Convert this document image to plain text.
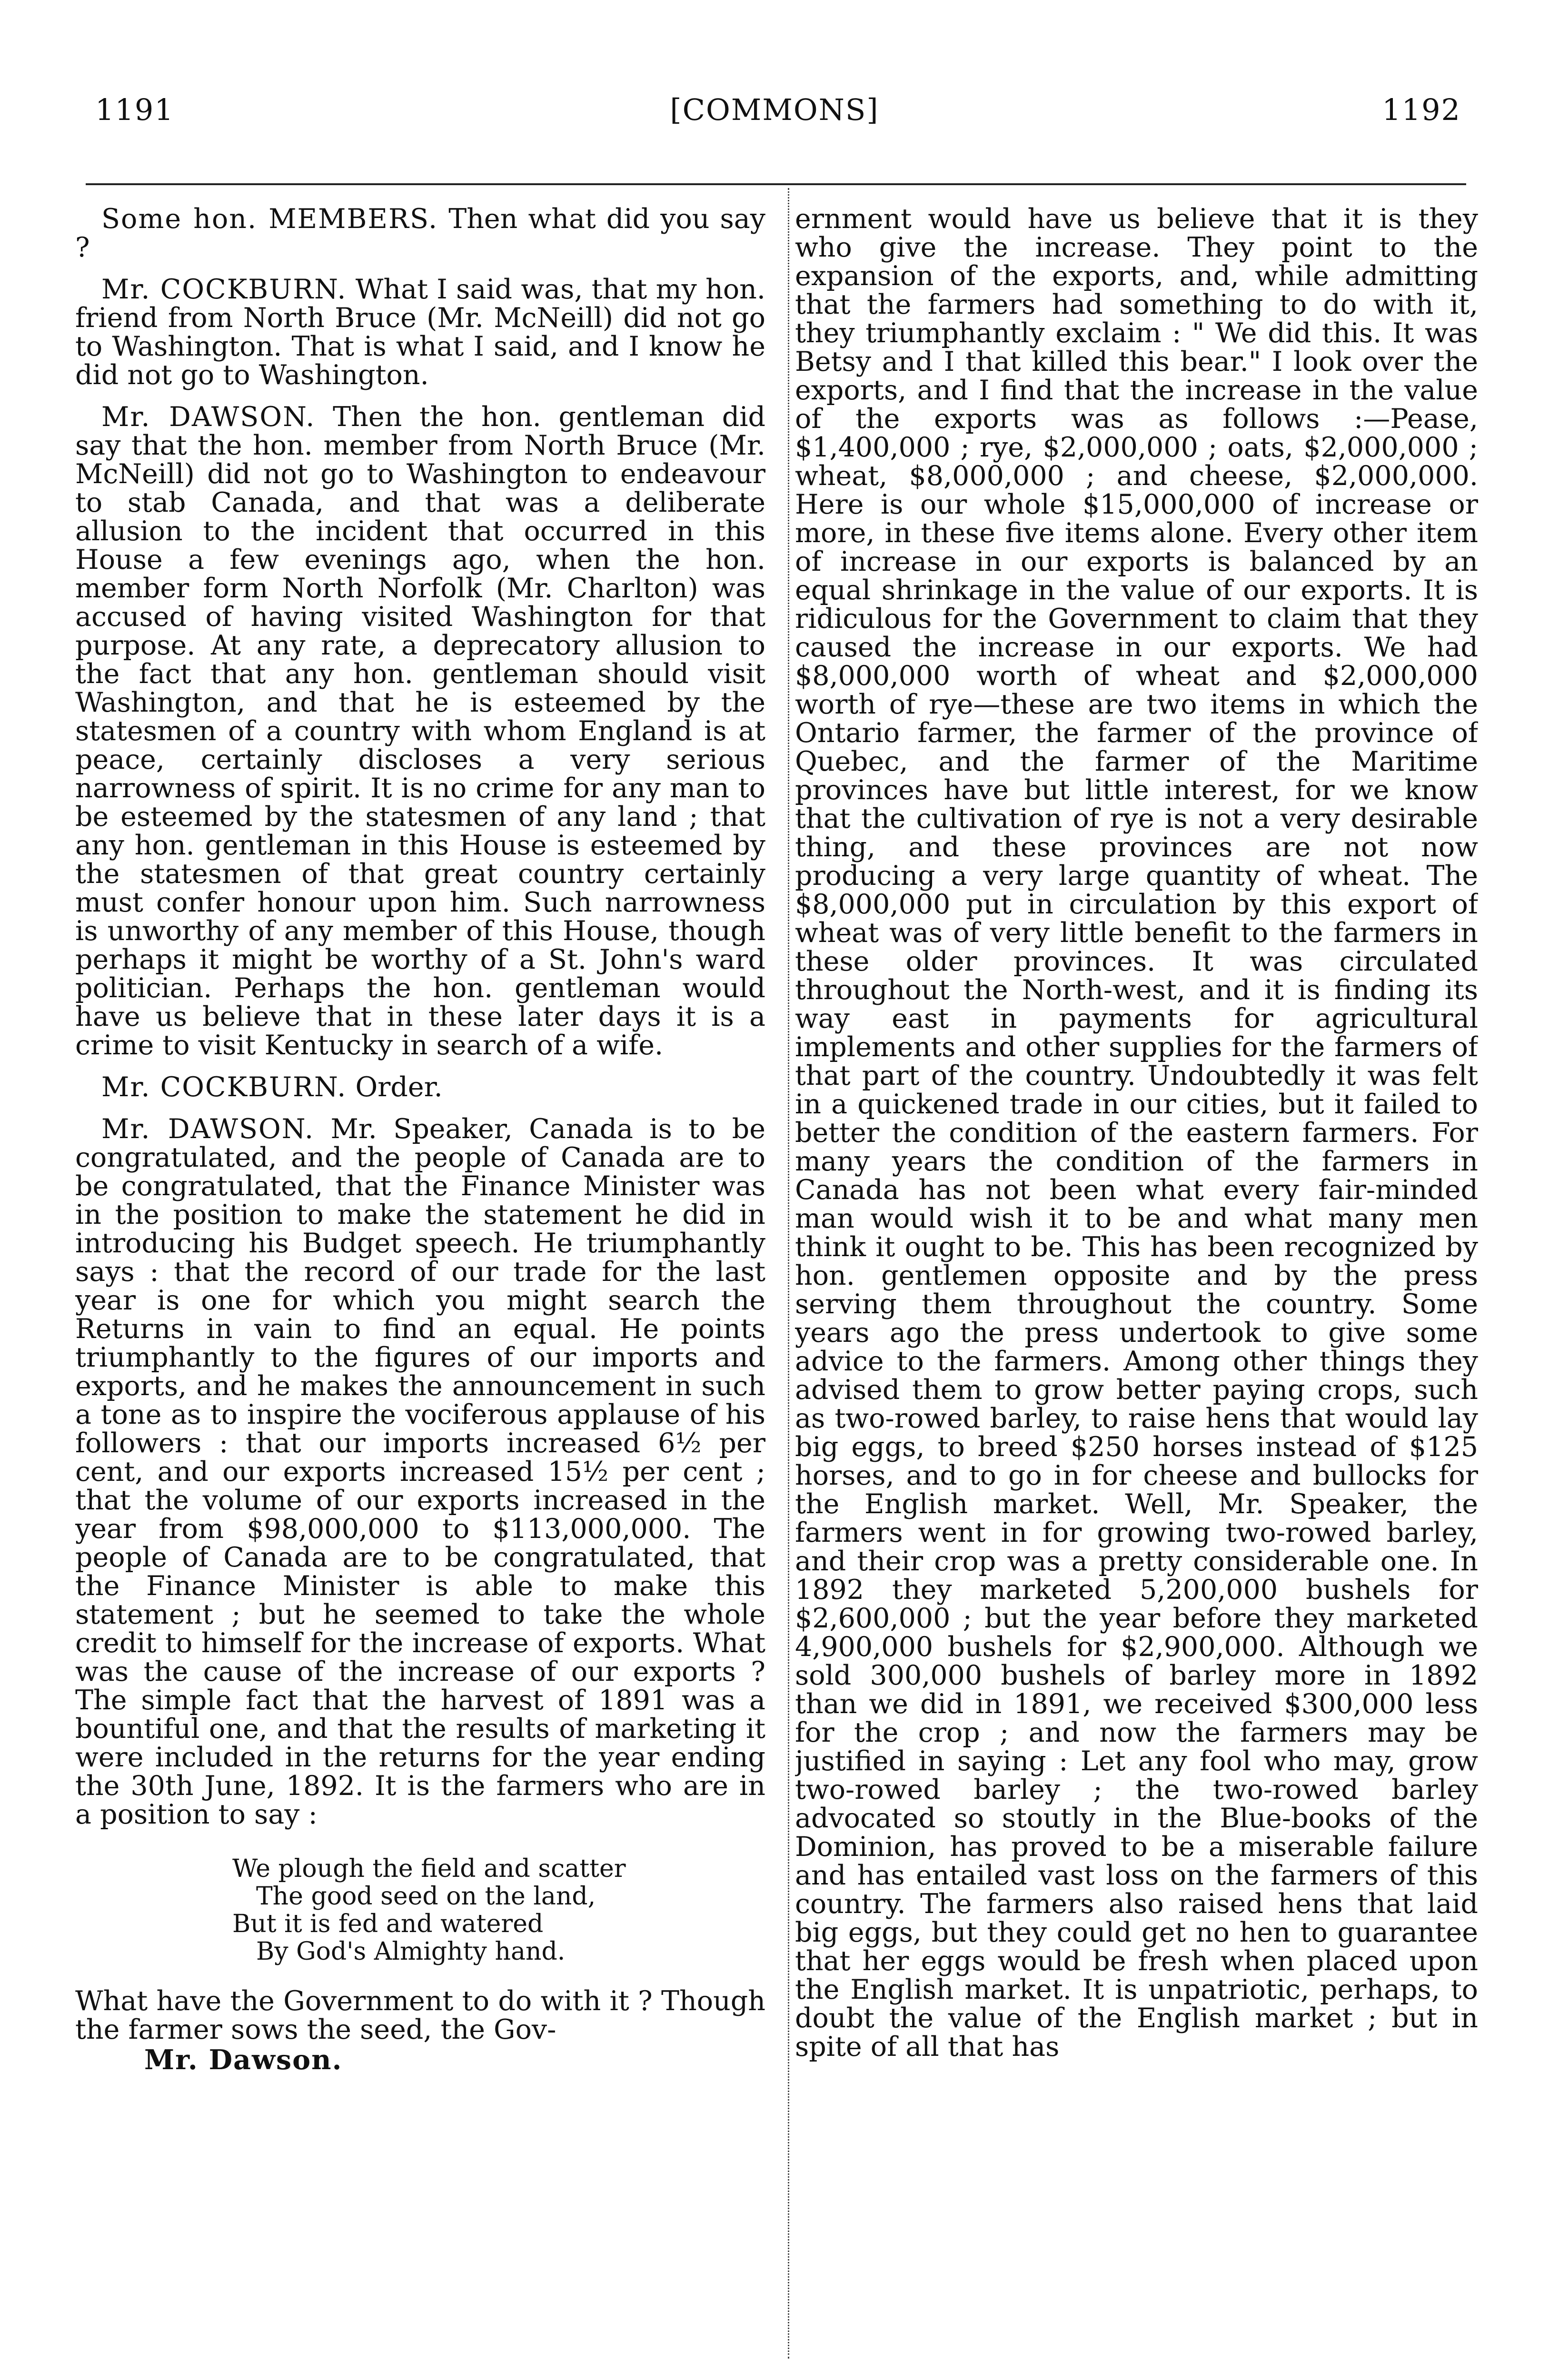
1191	[COMMONS]	1192

Some hon. MEMBERS. Then what did you say ?

Mr. COCKBURN. What I said was, that my hon. friend from North Bruce (Mr. McNeill) did not go to Washington. That is what I said, and I know he did not go to Washington.

Mr. DAWSON. Then the hon. gentleman did say that the hon. member from North Bruce (Mr. McNeill) did not go to Washington to endeavour to stab Canada, and that was a deliberate allusion to the incident that occurred in this House a few evenings ago, when the hon. member form North Norfolk (Mr. Charlton) was accused of having visited Washington for that purpose. At any rate, a deprecatory allusion to the fact that any hon. gentleman should visit Washington, and that he is esteemed by the statesmen of a country with whom England is at peace, certainly discloses a very serious narrowness of spirit. It is no crime for any man to be esteemed by the statesmen of any land ; that any hon. gentleman in this House is esteemed by the statesmen of that great country certainly must confer honour upon him. Such narrowness is unworthy of any member of this House, though perhaps it might be worthy of a St. John's ward politician. Perhaps the hon. gentleman would have us believe that in these later days it is a crime to visit Kentucky in search of a wife.

Mr. COCKBURN. Order.

Mr. DAWSON. Mr. Speaker, Canada is to be congratulated, and the people of Canada are to be congratulated, that the Finance Minister was in the position to make the statement he did in introducing his Budget speech. He triumphantly says : that the record of our trade for the last year is one for which you might search the Returns in vain to find an equal. He points triumphantly to the figures of our imports and exports, and he makes the announcement in such a tone as to inspire the vociferous applause of his followers : that our imports increased 6½ per cent, and our exports increased 15½ per cent ; that the volume of our exports increased in the year from $98,000,000 to $113,000,000. The people of Canada are to be congratulated, that the Finance Minister is able to make this statement ; but he seemed to take the whole credit to himself for the increase of exports. What was the cause of the increase of our exports ? The simple fact that the harvest of 1891 was a bountiful one, and that the results of marketing it were included in the returns for the year ending the 30th June, 1892. It is the farmers who are in a position to say :

We plough the field and scatter
The good seed on the land,
But it is fed and watered
By God's Almighty hand.

What have the Government to do with it ? Though the farmer sows the seed, the Gov-

Mr. Dawson.

ernment would have us believe that it is they who give the increase. They point to the expansion of the exports, and, while admitting that the farmers had something to do with it, they triumphantly exclaim : " We did this. It was Betsy and I that killed this bear." I look over the exports, and I find that the increase in the value of the exports was as follows :—Pease, $1,400,000 ; rye, $2,000,000 ; oats, $2,000,000 ; wheat, $8,000,000 ; and cheese, $2,000,000. Here is our whole $15,000,000 of increase or more, in these five items alone. Every other item of increase in our exports is balanced by an equal shrinkage in the value of our exports. It is ridiculous for the Government to claim that they caused the increase in our exports. We had $8,000,000 worth of wheat and $2,000,000 worth of rye—these are two items in which the Ontario farmer, the farmer of the province of Quebec, and the farmer of the Maritime provinces have but little interest, for we know that the cultivation of rye is not a very desirable thing, and these provinces are not now producing a very large quantity of wheat. The $8,000,000 put in circulation by this export of wheat was of very little benefit to the farmers in these older provinces. It was circulated throughout the North-west, and it is finding its way east in payments for agricultural implements and other supplies for the farmers of that part of the country. Undoubtedly it was felt in a quickened trade in our cities, but it failed to better the condition of the eastern farmers. For many years the condition of the farmers in Canada has not been what every fair-minded man would wish it to be and what many men think it ought to be. This has been recognized by hon. gentlemen opposite and by the press serving them throughout the country. Some years ago the press undertook to give some advice to the farmers. Among other things they advised them to grow better paying crops, such as two-rowed barley, to raise hens that would lay big eggs, to breed $250 horses instead of $125 horses, and to go in for cheese and bullocks for the English market. Well, Mr. Speaker, the farmers went in for growing two-rowed barley, and their crop was a pretty considerable one. In 1892 they marketed 5,200,000 bushels for $2,600,000 ; but the year before they marketed 4,900,000 bushels for $2,900,000. Although we sold 300,000 bushels of barley more in 1892 than we did in 1891, we received $300,000 less for the crop ; and now the farmers may be justified in saying : Let any fool who may, grow two-rowed barley ; the two-rowed barley advocated so stoutly in the Blue-books of the Dominion, has proved to be a miserable failure and has entailed vast loss on the farmers of this country. The farmers also raised hens that laid big eggs, but they could get no hen to guarantee that her eggs would be fresh when placed upon the English market. It is unpatriotic, perhaps, to doubt the value of the English market ; but in spite of all that has
